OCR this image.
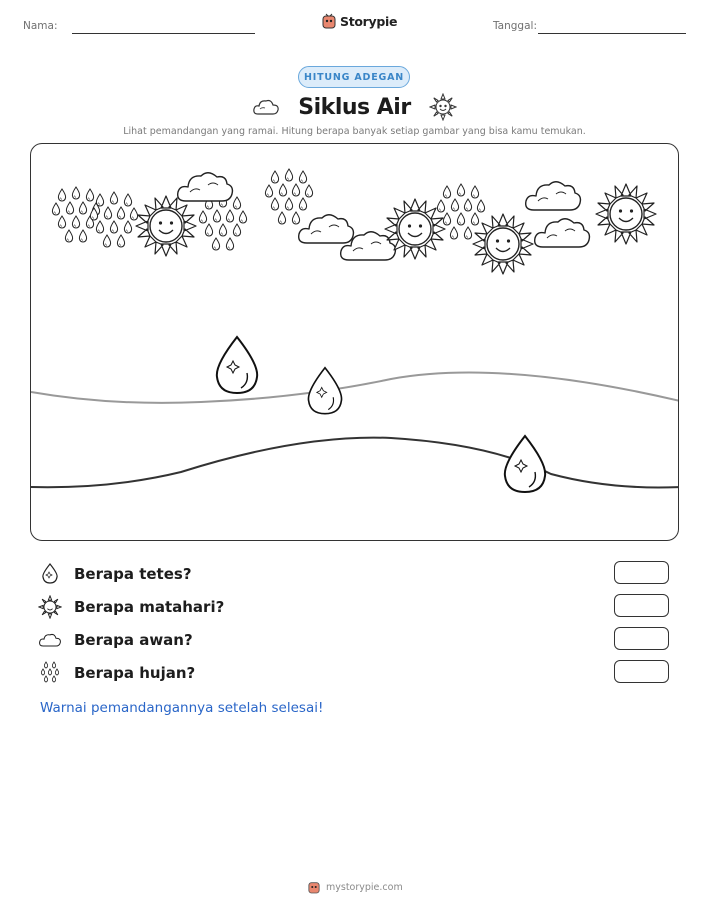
Nama:	Storypie	Tanggal:
HITUNG ADEGAN
Siklus Air
Lihat pemandangan yang ramai. Hitung berapa banyak setiap gambar yang bisa kamu temukan.
Berapa tetes?
Berapa matahari?
Berapa awan?
Berapa hujan?
Warnai pemandangannya setelah selesai!
mystorypie.com
